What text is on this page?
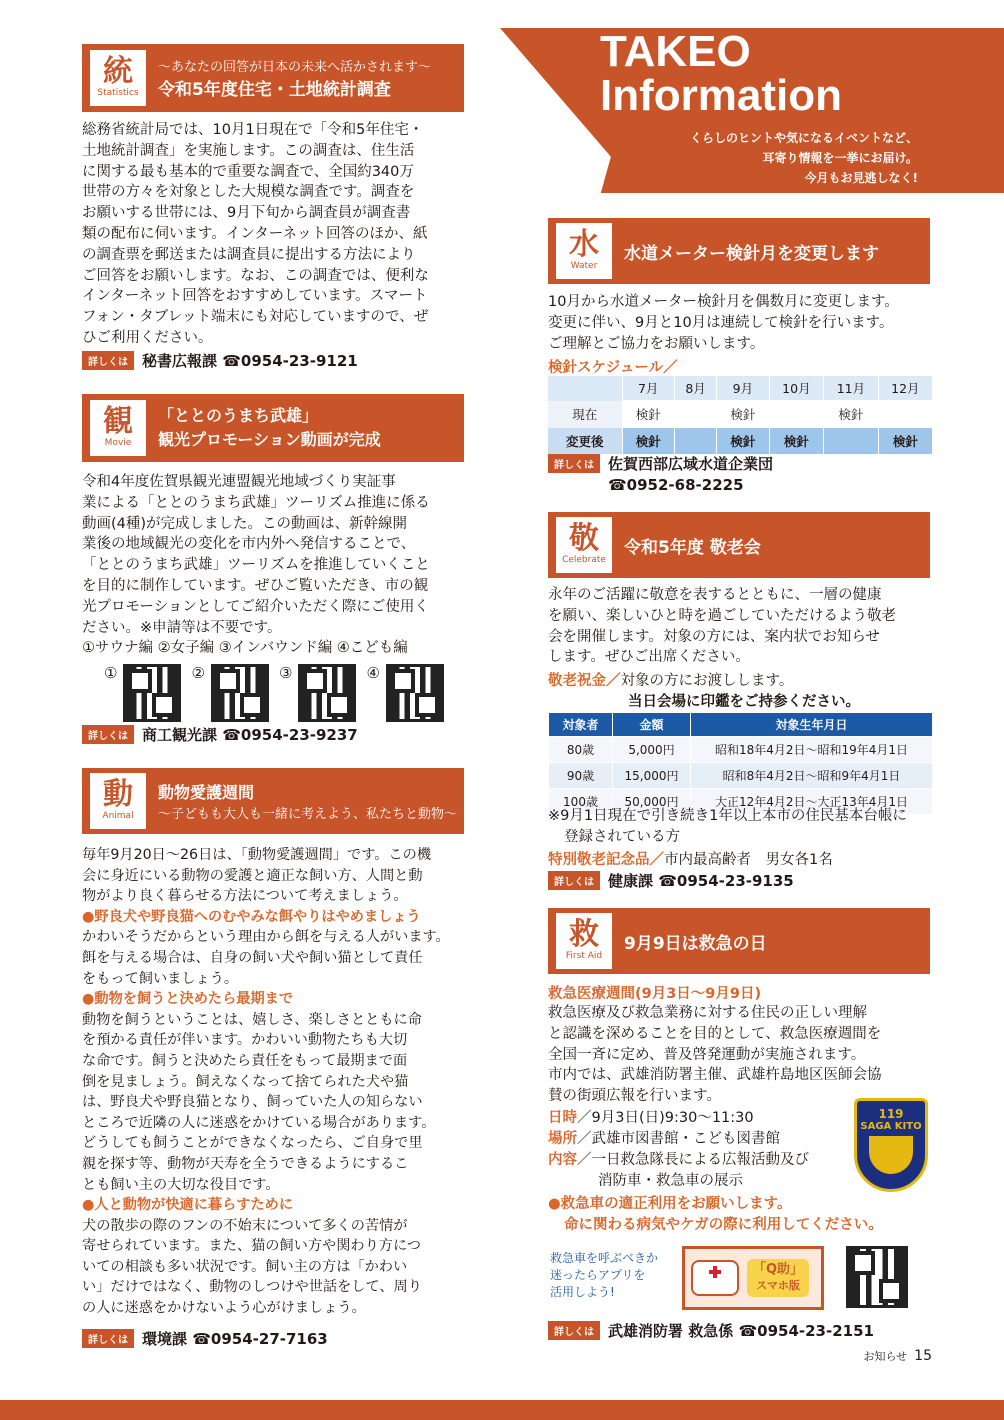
TAKEO
Information
くらしのヒントや気になるイベントなど、
耳寄り情報を一挙にお届け。
今月もお見逃しなく!
統
Statistics
〜あなたの回答が日本の未来へ活かされます〜
令和5年度住宅・土地統計調査
総務省統計局では、10月1日現在で「令和5年住宅・
土地統計調査」を実施します。この調査は、住生活
に関する最も基本的で重要な調査で、全国約340万
世帯の方々を対象とした大規模な調査です。調査を
お願いする世帯には、9月下旬から調査員が調査書
類の配布に伺います。インターネット回答のほか、紙
の調査票を郵送または調査員に提出する方法により
ご回答をお願いします。なお、この調査では、便利な
インターネット回答をおすすめしています。スマート
フォン・タブレット端末にも対応していますので、ぜ
ひご利用ください。
詳しくは 秘書広報課 ☎0954-23-9121
観
Movie
「ととのうまち武雄」
観光プロモーション動画が完成
令和4年度佐賀県観光連盟観光地域づくり実証事
業による「ととのうまち武雄」ツーリズム推進に係る
動画(4種)が完成しました。この動画は、新幹線開
業後の地域観光の変化を市内外へ発信することで、
「ととのうまち武雄」ツーリズムを推進していくこと
を目的に制作しています。ぜひご覧いただき、市の観
光プロモーションとしてご紹介いただく際にご使用く
ださい。※申請等は不要です。
①サウナ編 ②女子編 ③インバウンド編 ④こども編
①	②	③	④
詳しくは 商工観光課 ☎0954-23-9237
動
Animal
動物愛護週間
〜子どもも大人も一緒に考えよう、私たちと動物〜
毎年9月20日〜26日は、「動物愛護週間」です。この機
会に身近にいる動物の愛護と適正な飼い方、人間と動
物がより良く暮らせる方法について考えましょう。
●野良犬や野良猫へのむやみな餌やりはやめましょう
かわいそうだからという理由から餌を与える人がいます。
餌を与える場合は、自身の飼い犬や飼い猫として責任
をもって飼いましょう。
●動物を飼うと決めたら最期まで
動物を飼うということは、嬉しさ、楽しさとともに命
を預かる責任が伴います。かわいい動物たちも大切
な命です。飼うと決めたら責任をもって最期まで面
倒を見ましょう。飼えなくなって捨てられた犬や猫
は、野良犬や野良猫となり、飼っていた人の知らない
ところで近隣の人に迷惑をかけている場合があります。
どうしても飼うことができなくなったら、ご自身で里
親を探す等、動物が天寿を全うできるようにするこ
とも飼い主の大切な役目です。
●人と動物が快適に暮らすために
犬の散歩の際のフンの不始末について多くの苦情が
寄せられています。また、猫の飼い方や関わり方につ
いての相談も多い状況です。飼い主の方は「かわい
い」だけではなく、動物のしつけや世話をして、周り
の人に迷惑をかけないよう心がけましょう。
詳しくは 環境課 ☎0954-27-7163
水
Water
水道メーター検針月を変更します
10月から水道メーター検針月を偶数月に変更します。
変更に伴い、9月と10月は連続して検針を行います。
ご理解とご協力をお願いします。
検針スケジュール／
	7月	8月	9月	10月	11月	12月
現在	検針		検針		検針	
変更後	検針		検針	検針		検針
詳しくは 佐賀西部広域水道企業団
☎0952-68-2225
敬
Celebrate
令和5年度 敬老会
永年のご活躍に敬意を表するとともに、一層の健康
を願い、楽しいひと時を過ごしていただけるよう敬老
会を開催します。対象の方には、案内状でお知らせ
します。ぜひご出席ください。
敬老祝金／対象の方にお渡しします。
当日会場に印鑑をご持参ください。
対象者	金額	対象生年月日
80歳	5,000円	昭和18年4月2日〜昭和19年4月1日
90歳	15,000円	昭和8年4月2日〜昭和9年4月1日
100歳	50,000円	大正12年4月2日〜大正13年4月1日
※9月1日現在で引き続き1年以上本市の住民基本台帳に
登録されている方
特別敬老記念品／市内最高齢者　男女各1名
詳しくは 健康課 ☎0954-23-9135
救
First Aid
9月9日は救急の日
救急医療週間(9月3日〜9月9日)
救急医療及び救急業務に対する住民の正しい理解
と認識を深めることを目的として、救急医療週間を
全国一斉に定め、普及啓発運動が実施されます。
市内では、武雄消防署主催、武雄杵島地区医師会協
賛の街頭広報を行います。
日時／9月3日(日)9:30〜11:30
場所／武雄市図書館・こども図書館
内容／一日救急隊長による広報活動及び
消防車・救急車の展示
119
SAGA KITO
●救急車の適正利用をお願いします。
命に関わる病気やケガの際に利用してください。
救急車を呼ぶべきか
迷ったらアプリを
活用しよう!
「Q助」
スマホ版
詳しくは 武雄消防署 救急係 ☎0954-23-2151
お知らせ 15
